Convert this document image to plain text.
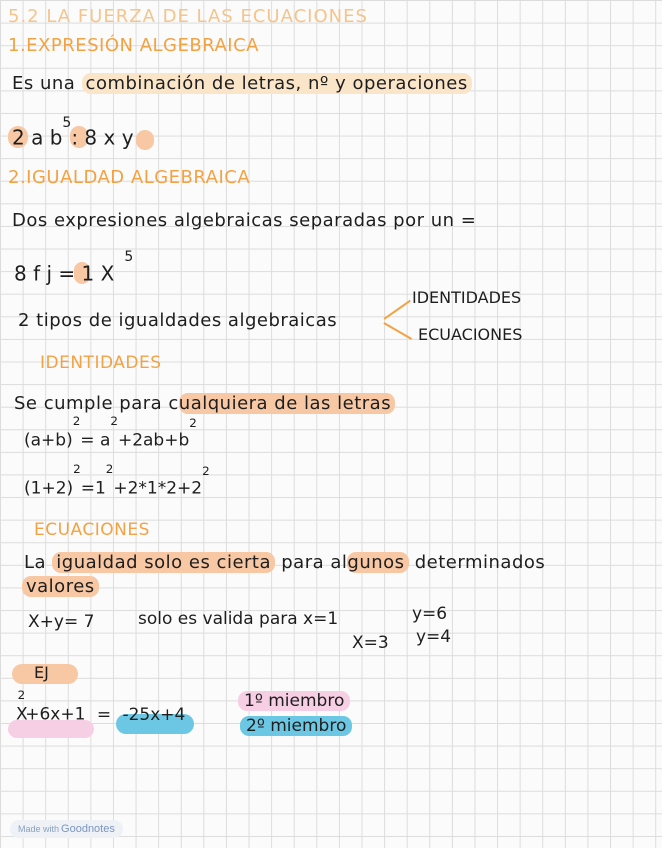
5.2 LA FUERZA DE LAS ECUACIONES
1.EXPRESIÓN ALGEBRAICA
Es una combinación de letras, nº y operaciones
2 a $b^5$: 8 x y
2.IGUALDAD ALGEBRAICA
Dos expresiones algebraicas separadas por un =
8 f j = 1 $X^5$
2 tipos de igualdades algebraicas
IDENTIDADES
ECUACIONES
IDENTIDADES
Se cumple para cualquiera de las letras
$(a+b)^2= a^2+2ab+b^2$
$(1+2)^2=1^2+2*1*2+2^2$
ECUACIONES
La igualdad solo es cierta para algunos determinados
valores
X+y= 7	solo es valida para x=1	y=6
X=3 y=4
EJ
$X^2+6x+1 = -25x+4$
1º miembro
2º miembro
Made with Goodnotes
